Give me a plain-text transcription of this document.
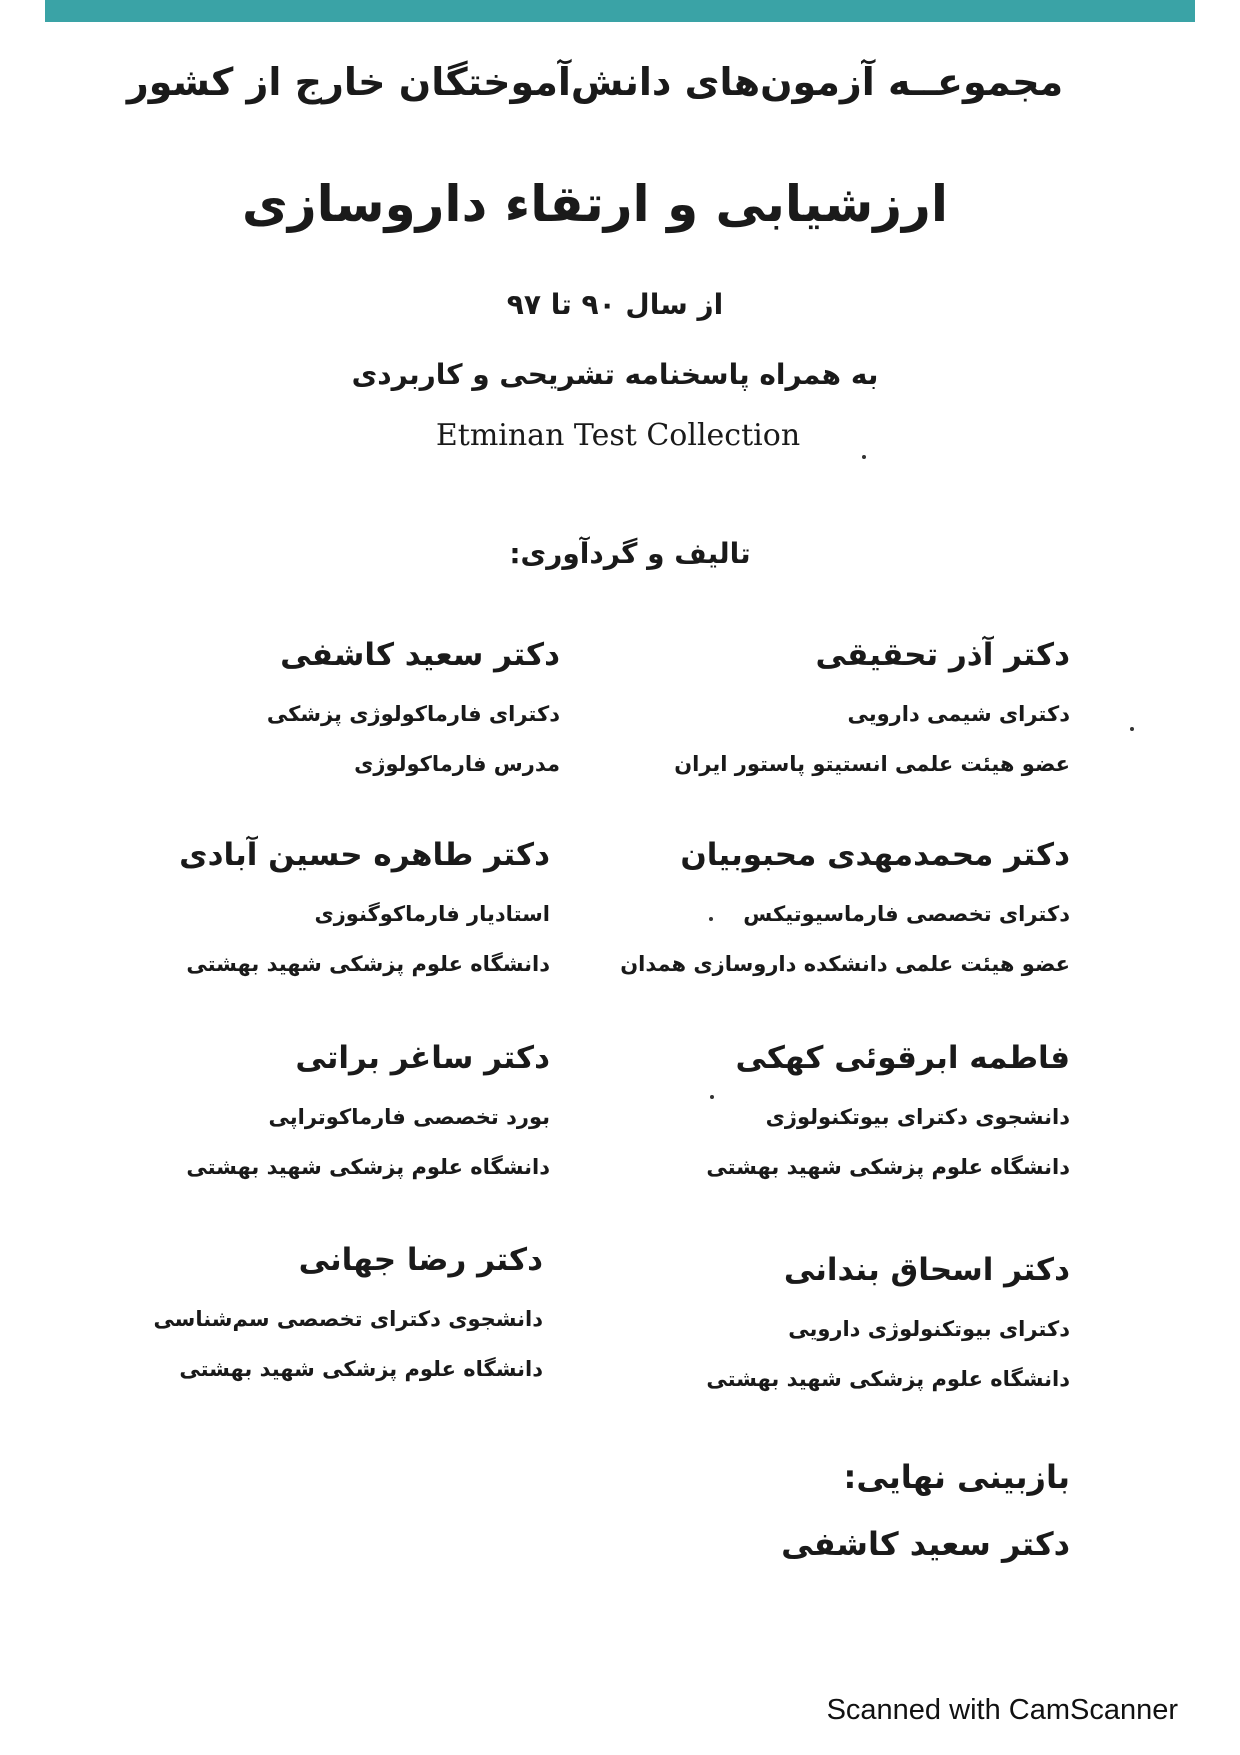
مجموعــه آزمون‌های دانش‌آموختگان خارج از کشور
ارزشیابی و ارتقاء داروسازی
از سال ۹۰ تا ۹۷
به همراه پاسخنامه تشریحی و کاربردی
Etminan Test Collection
تالیف و گردآوری:
دکتر آذر تحقیقی
دکترای شیمی دارویی
عضو هیئت علمی انستیتو پاستور ایران
دکتر محمدمهدی محبوبیان
دکترای تخصصی فارماسیوتیکس
عضو هیئت علمی دانشکده داروسازی همدان
فاطمه ابرقوئی کهکی
دانشجوی دکترای بیوتکنولوژی
دانشگاه علوم پزشکی شهید بهشتی
دکتر اسحاق بندانی
دکترای بیوتکنولوژی دارویی
دانشگاه علوم پزشکی شهید بهشتی
دکتر سعید کاشفی
دکترای فارماکولوژی پزشکی
مدرس فارماکولوژی
دکتر طاهره حسین آبادی
استادیار فارماکوگنوزی
دانشگاه علوم پزشکی شهید بهشتی
دکتر ساغر براتی
بورد تخصصی فارماکوتراپی
دانشگاه علوم پزشکی شهید بهشتی
دکتر رضا جهانی
دانشجوی دکترای تخصصی سم‌شناسی
دانشگاه علوم پزشکی شهید بهشتی
بازبینی نهایی:
دکتر سعید کاشفی
Scanned with CamScanner
